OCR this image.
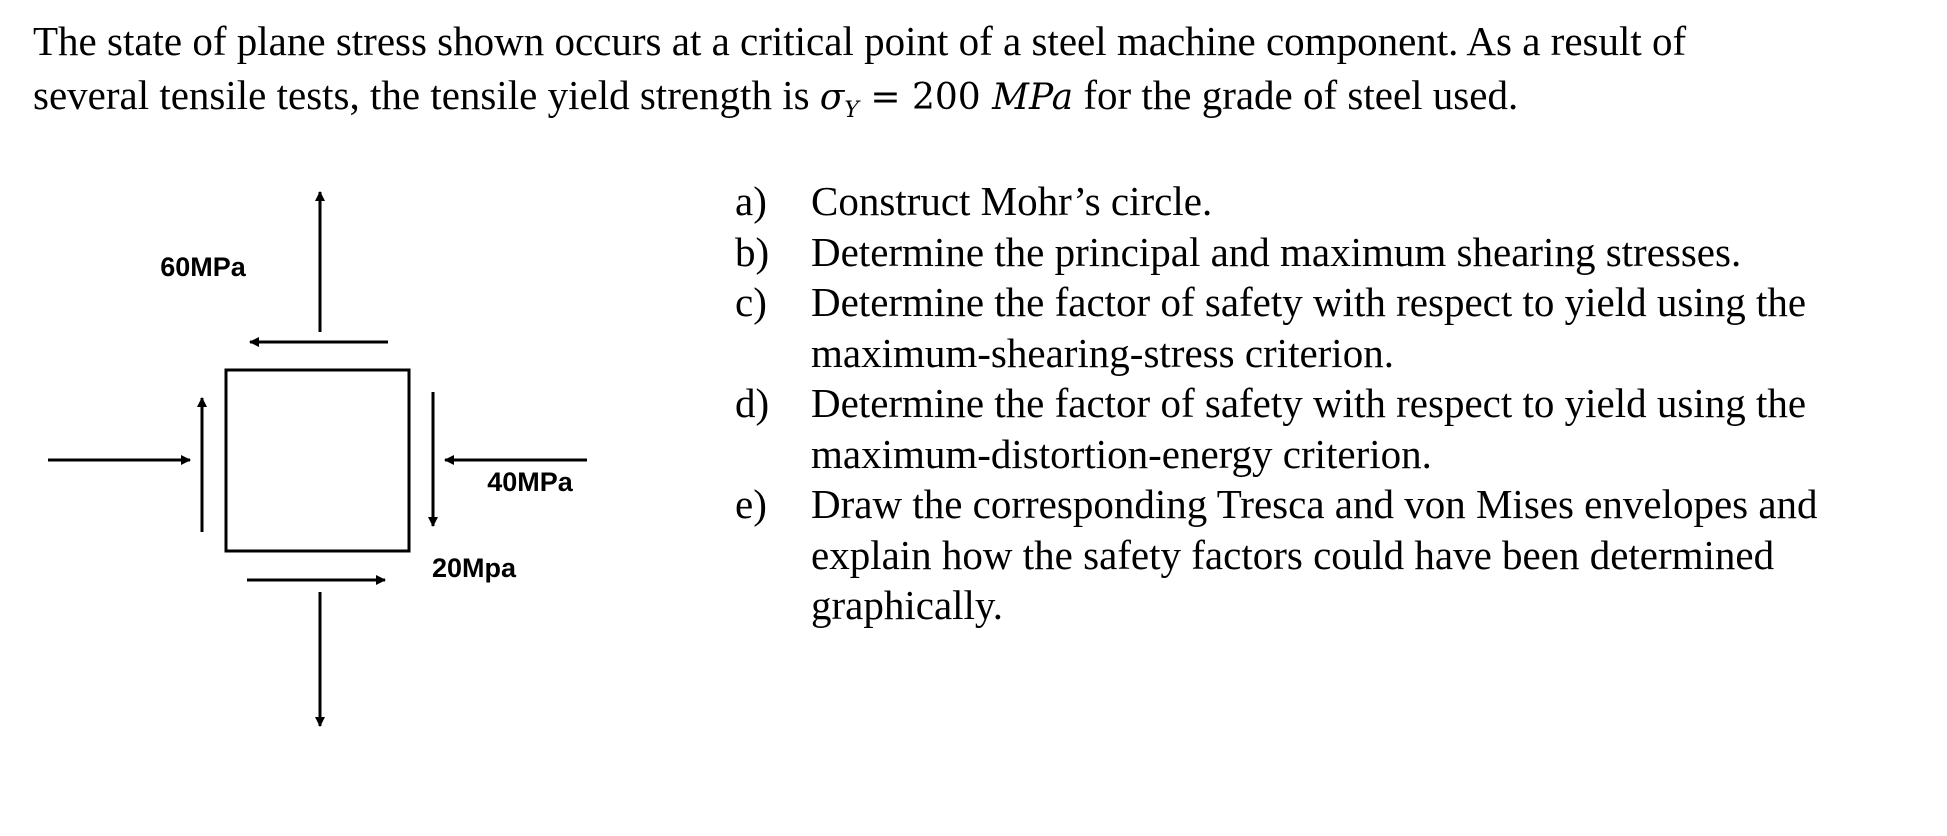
The state of plane stress shown occurs at a critical point of a steel machine component. As a result of

several tensile tests, the tensile yield strength is $\sigma_Y = 200$ MPa for the grade of steel used.

60MPa
40MPa
20Mpa
a) Construct Mohr’s circle.
b) Determine the principal and maximum shearing stresses.
c) Determine the factor of safety with respect to yield using the maximum-shearing-stress criterion.
d) Determine the factor of safety with respect to yield using the maximum-distortion-energy criterion.
e) Draw the corresponding Tresca and von Mises envelopes and explain how the safety factors could have been determined graphically.
